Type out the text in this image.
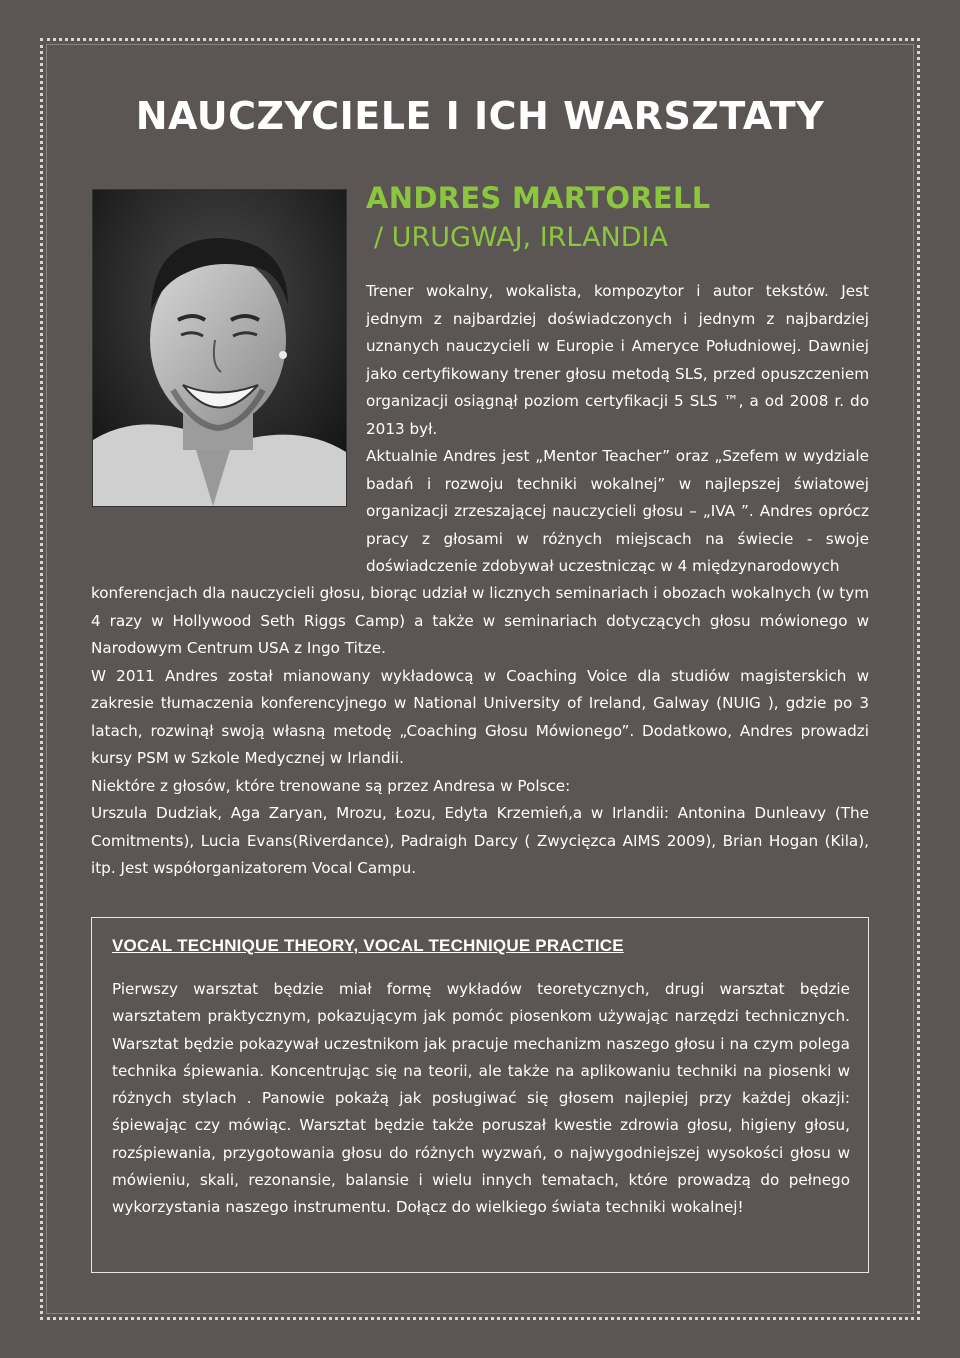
NAUCZYCIELE I ICH WARSZTATY
ANDRES MARTORELL
/ URUGWAJ, IRLANDIA

Trener wokalny, wokalista, kompozytor i autor tekstów. Jest jednym z najbardziej doświadczonych i jednym z najbardziej uznanych nauczycieli w Europie i Ameryce Południowej. Dawniej jako certyfikowany trener głosu metodą SLS, przed opuszczeniem organizacji osiągnął poziom certyfikacji 5 SLS ™, a od 2008 r. do 2013 był.

Aktualnie Andres jest „Mentor Teacher” oraz „Szefem w wydziale badań i rozwoju techniki wokalnej” w najlepszej światowej organizacji zrzeszającej nauczycieli głosu – „IVA ”. Andres oprócz pracy z głosami w różnych miejscach na świecie - swoje doświadczenie zdobywał uczestnicząc w 4 międzynarodowych

konferencjach dla nauczycieli głosu, biorąc udział w licznych seminariach i obozach wokalnych (w tym 4 razy w Hollywood Seth Riggs Camp) a także w seminariach dotyczących głosu mówionego w Narodowym Centrum USA z Ingo Titze.

W 2011 Andres został mianowany wykładowcą w Coaching Voice dla studiów magisterskich w zakresie tłumaczenia konferencyjnego w National University of Ireland, Galway (NUIG ), gdzie po 3 latach, rozwinął swoją własną metodę „Coaching Głosu Mówionego”. Dodatkowo, Andres prowadzi kursy PSM w Szkole Medycznej w Irlandii.

Niektóre z głosów, które trenowane są przez Andresa w Polsce:

Urszula Dudziak, Aga Zaryan, Mrozu, Łozu, Edyta Krzemień,a w Irlandii: Antonina Dunleavy (The Comitments), Lucia Evans(Riverdance), Padraigh Darcy ( Zwycięzca AIMS 2009), Brian Hogan (Kila), itp. Jest współorganizatorem Vocal Campu.

VOCAL TECHNIQUE THEORY, VOCAL TECHNIQUE PRACTICE

Pierwszy warsztat będzie miał formę wykładów teoretycznych, drugi warsztat będzie warsztatem praktycznym, pokazującym jak pomóc piosenkom używając narzędzi technicznych. Warsztat będzie pokazywał uczestnikom jak pracuje mechanizm naszego głosu i na czym polega technika śpiewania. Koncentrując się na teorii, ale także na aplikowaniu techniki na piosenki w różnych stylach . Panowie pokażą jak posługiwać się głosem najlepiej przy każdej okazji: śpiewając czy mówiąc. Warsztat będzie także poruszał kwestie zdrowia głosu, higieny głosu, rozśpiewania, przygotowania głosu do różnych wyzwań, o najwygodniejszej wysokości głosu w mówieniu, skali, rezonansie, balansie i wielu innych tematach, które prowadzą do pełnego wykorzystania naszego instrumentu. Dołącz do wielkiego świata techniki wokalnej!
